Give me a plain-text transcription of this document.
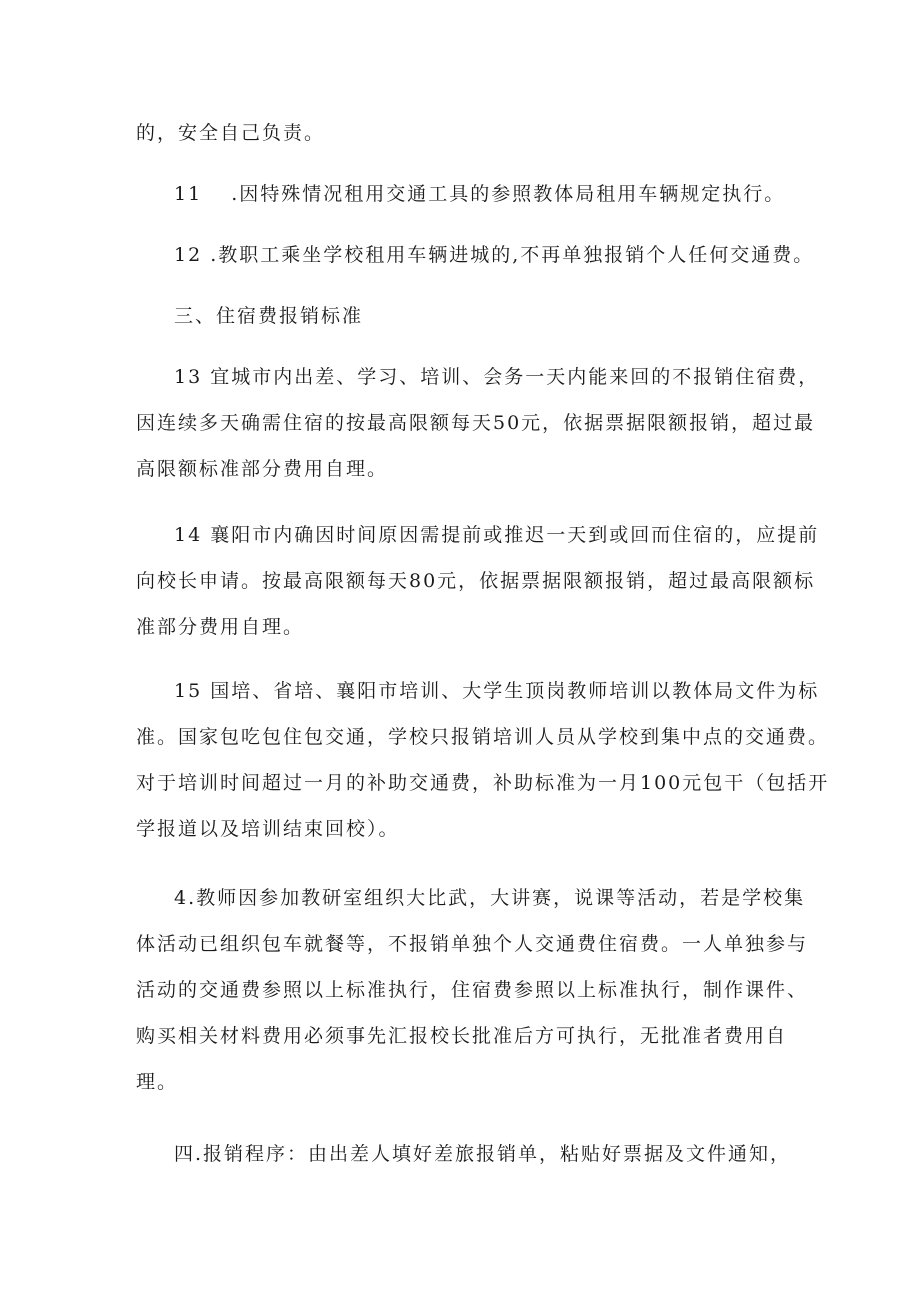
的，安全自己负责。

11　 .因特殊情况租用交通工具的参照教体局租用车辆规定执行。

12 .教职工乘坐学校租用车辆进城的,不再单独报销个人任何交通费。

三、住宿费报销标准

13 宜城市内出差、学习、培训、会务一天内能来回的不报销住宿费，
因连续多天确需住宿的按最高限额每天50元，依据票据限额报销，超过最
高限额标准部分费用自理。
14 襄阳市内确因时间原因需提前或推迟一天到或回而住宿的，应提前
向校长申请。按最高限额每天80元，依据票据限额报销，超过最高限额标
准部分费用自理。
15 国培、省培、襄阳市培训、大学生顶岗教师培训以教体局文件为标
准。国家包吃包住包交通，学校只报销培训人员从学校到集中点的交通费。
对于培训时间超过一月的补助交通费，补助标准为一月100元包干（包括开
学报道以及培训结束回校）。
4.教师因参加教研室组织大比武，大讲赛，说课等活动，若是学校集
体活动已组织包车就餐等，不报销单独个人交通费住宿费。一人单独参与
活动的交通费参照以上标准执行，住宿费参照以上标准执行，制作课件、
购买相关材料费用必须事先汇报校长批准后方可执行，无批准者费用自
理。

四.报销程序：由出差人填好差旅报销单，粘贴好票据及文件通知，
